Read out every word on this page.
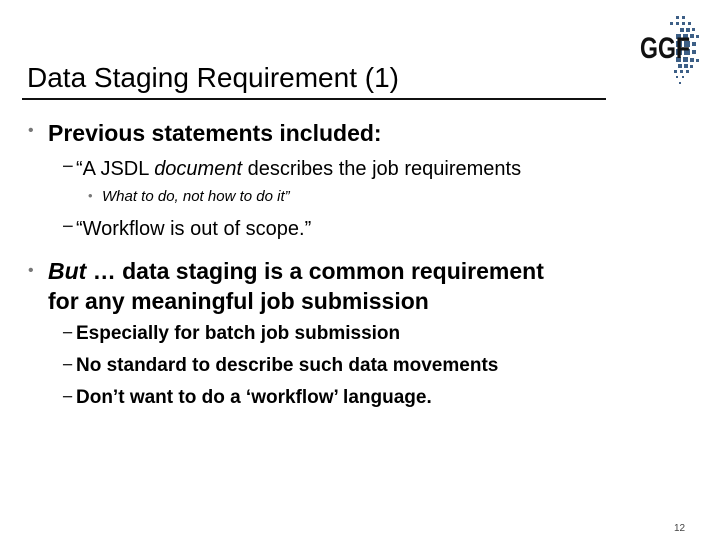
Data Staging Requirement (1)
GGF
• Previous statements included:
− “A JSDL document describes the job requirements
• What to do, not how to do it”
− “Workflow is out of scope.”
• But … data staging is a common requirement
for any meaningful job submission
− Especially for batch job submission
− No standard to describe such data movements
− Don’t want to do a ‘workflow’ language.
12
